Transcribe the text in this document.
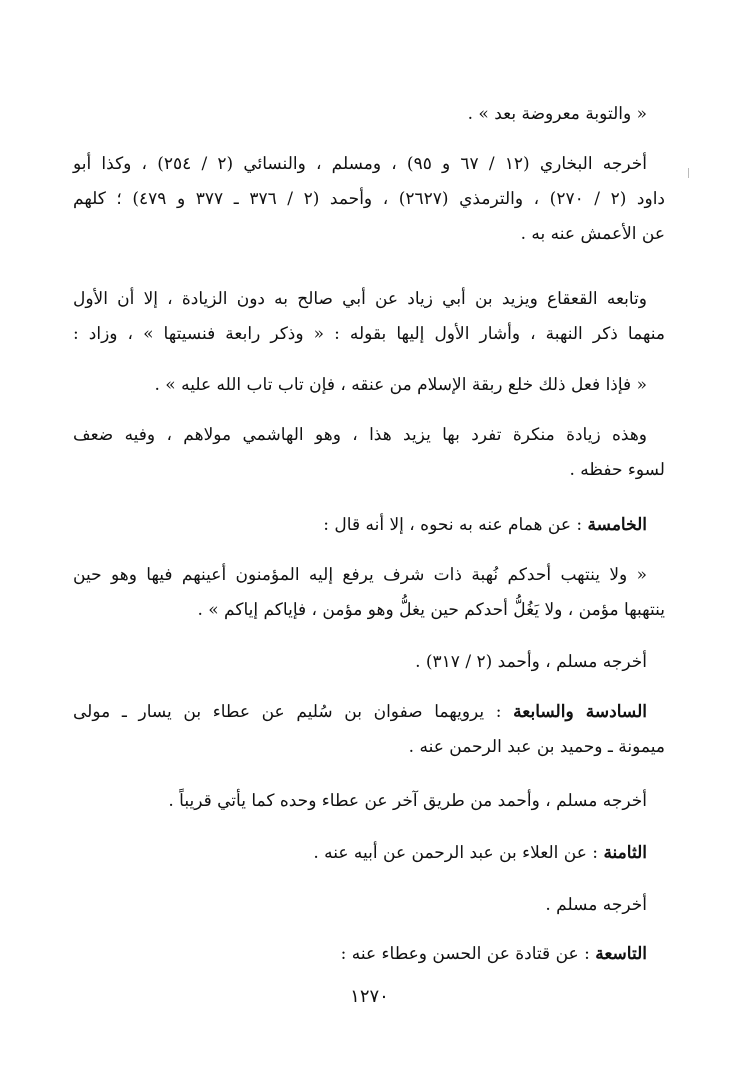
« والتوبة معروضة بعد » .
أخرجه البخاري (١٢ / ٦٧ و ٩٥) ، ومسلم ، والنسائي (٢ / ٢٥٤) ، وكذا أبو
داود (٢ / ٢٧٠) ، والترمذي (٢٦٢٧) ، وأحمد (٢ / ٣٧٦ ـ ٣٧٧ و ٤٧٩) ؛ كلهم
عن الأعمش عنه به .
وتابعه القعقاع ويزيد بن أبي زياد عن أبي صالح به دون الزيادة ، إلا أن الأول
منهما ذكر النهبة ، وأشار الأول إليها بقوله : « وذكر رابعة فنسيتها » ، وزاد :
« فإذا فعل ذلك خلع ربقة الإسلام من عنقه ، فإن تاب تاب الله عليه » .
وهذه زيادة منكرة تفرد بها يزيد هذا ، وهو الهاشمي مولاهم ، وفيه ضعف
لسوء حفظه .
الخامسة : عن همام عنه به نحوه ، إلا أنه قال :
« ولا ينتهب أحدكم نُهبة ذات شرف يرفع إليه المؤمنون أعينهم فيها وهو حين
ينتهبها مؤمن ، ولا يَغُلُّ أحدكم حين يغلُّ وهو مؤمن ، فإياكم إياكم » .
أخرجه مسلم ، وأحمد (٢ / ٣١٧) .
السادسة والسابعة : يرويهما صفوان بن سُليم عن عطاء بن يسار ـ مولى
ميمونة ـ وحميد بن عبد الرحمن عنه .
أخرجه مسلم ، وأحمد من طريق آخر عن عطاء وحده كما يأتي قريباً .
الثامنة : عن العلاء بن عبد الرحمن عن أبيه عنه .
أخرجه مسلم .
التاسعة : عن قتادة عن الحسن وعطاء عنه :
١٢٧٠
